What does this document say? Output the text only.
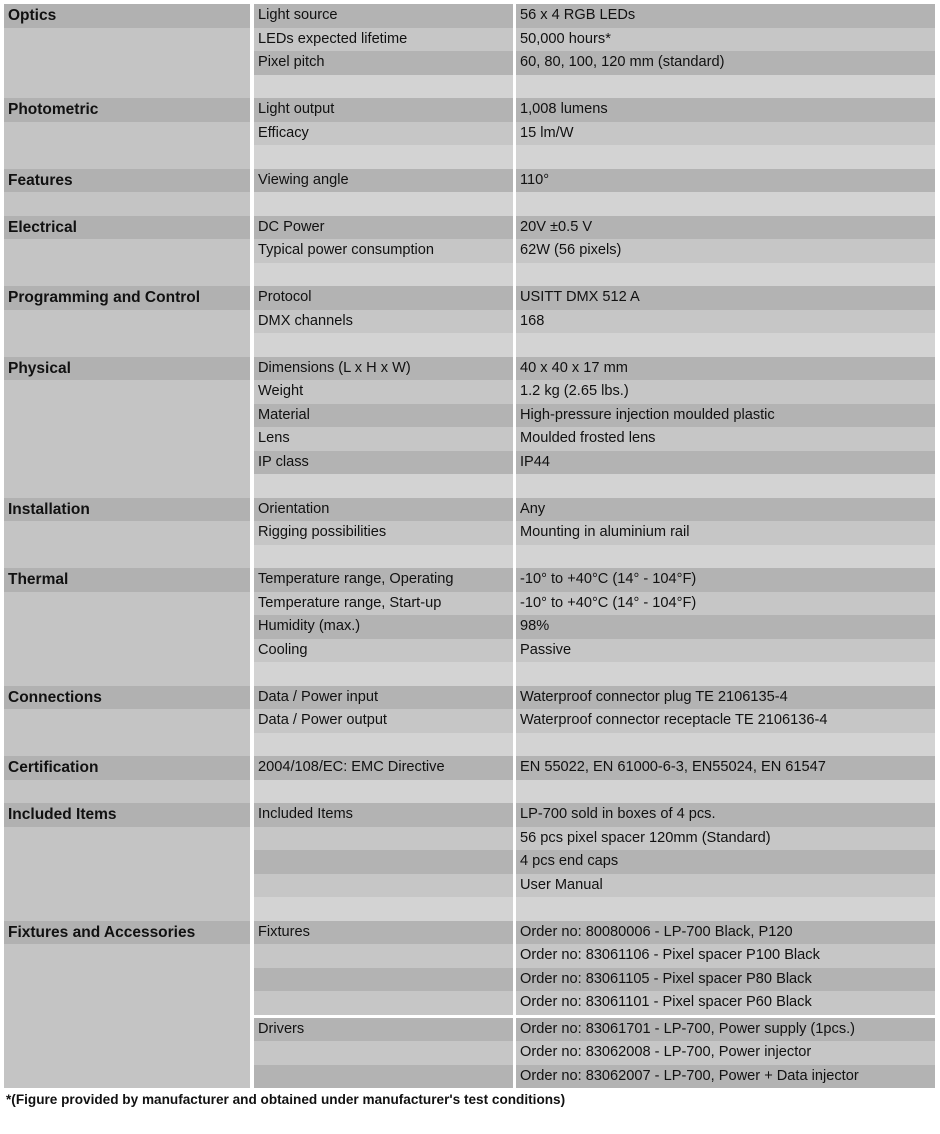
Optics	Light source	56 x 4 RGB LEDs
LEDs expected lifetime	50,000 hours*
Pixel pitch	60, 80, 100, 120 mm (standard)
Photometric	Light output	1,008 lumens
Efficacy	15 lm/W
Features	Viewing angle	110°
Electrical	DC Power	20V ±0.5 V
Typical power consumption	62W (56 pixels)
Programming and Control	Protocol	USITT DMX 512 A
DMX channels	168
Physical	Dimensions (L x H x W)	40 x 40 x 17 mm
Weight	1.2 kg (2.65 lbs.)
Material	High-pressure injection moulded plastic
Lens	Moulded frosted lens
IP class	IP44
Installation	Orientation	Any
Rigging possibilities	Mounting in aluminium rail
Thermal	Temperature range, Operating	-10° to +40°C (14° - 104°F)
Temperature range, Start-up	-10° to +40°C (14° - 104°F)
Humidity (max.)	98%
Cooling	Passive
Connections	Data / Power input	Waterproof connector plug TE 2106135-4
Data / Power output	Waterproof connector receptacle TE 2106136-4
Certification	2004/108/EC: EMC Directive	EN 55022, EN 61000-6-3, EN55024, EN 61547
Included Items	Included Items	LP-700 sold in boxes of 4 pcs.
56 pcs pixel spacer 120mm (Standard)
4 pcs end caps
User Manual
Fixtures and Accessories	Fixtures	Order no: 80080006 - LP-700 Black, P120
Order no: 83061106 - Pixel spacer P100 Black
Order no: 83061105 - Pixel spacer P80 Black
Order no: 83061101 - Pixel spacer P60 Black
Drivers	Order no: 83061701 - LP-700, Power supply (1pcs.)
Order no: 83062008 - LP-700, Power injector
Order no: 83062007 - LP-700, Power + Data injector
*(Figure provided by manufacturer and obtained under manufacturer's test conditions)
